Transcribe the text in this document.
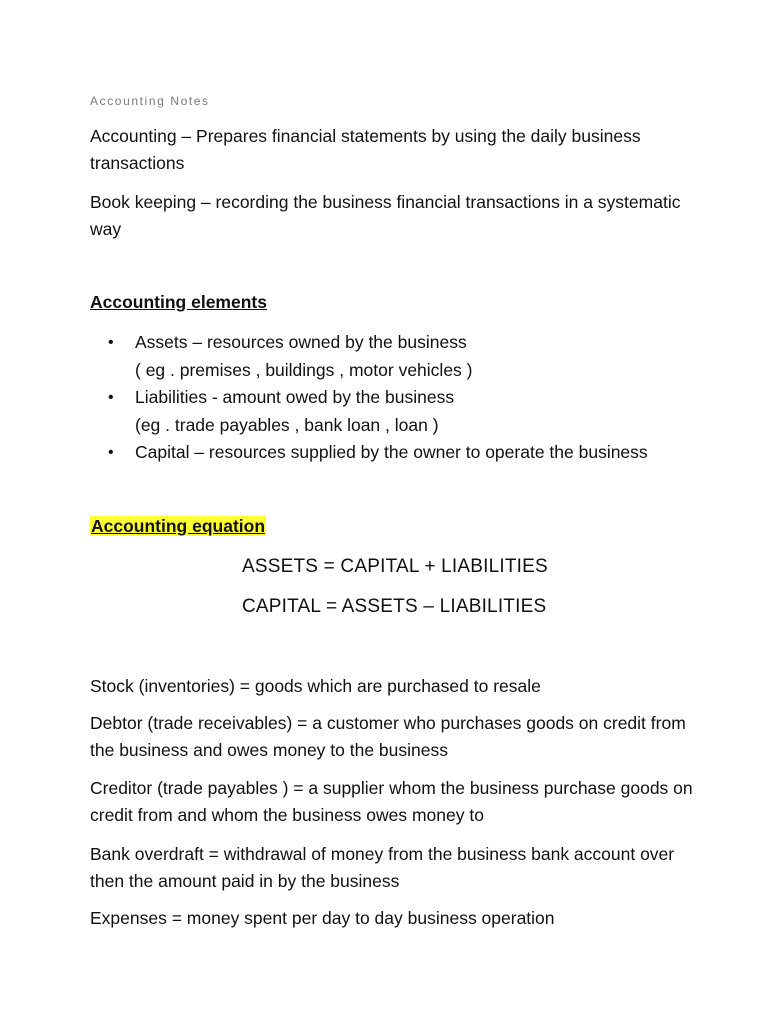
Accounting Notes
Accounting – Prepares financial statements by using the daily business transactions
Book keeping – recording the business financial transactions in a systematic way
Accounting elements
• Assets – resources owned by the business
( eg . premises , buildings , motor vehicles )
• Liabilities - amount owed by the business
(eg . trade payables , bank loan , loan )
• Capital – resources supplied by the owner to operate the business
Accounting equation
ASSETS = CAPITAL + LIABILITIES
CAPITAL = ASSETS – LIABILITIES
Stock (inventories) = goods which are purchased to resale
Debtor (trade receivables) = a customer who purchases goods on credit from the business and owes money to the business
Creditor (trade payables ) = a supplier whom the business purchase goods on credit from and whom the business owes money to
Bank overdraft = withdrawal of money from the business bank account over then the amount paid in by the business
Expenses = money spent per day to day business operation
